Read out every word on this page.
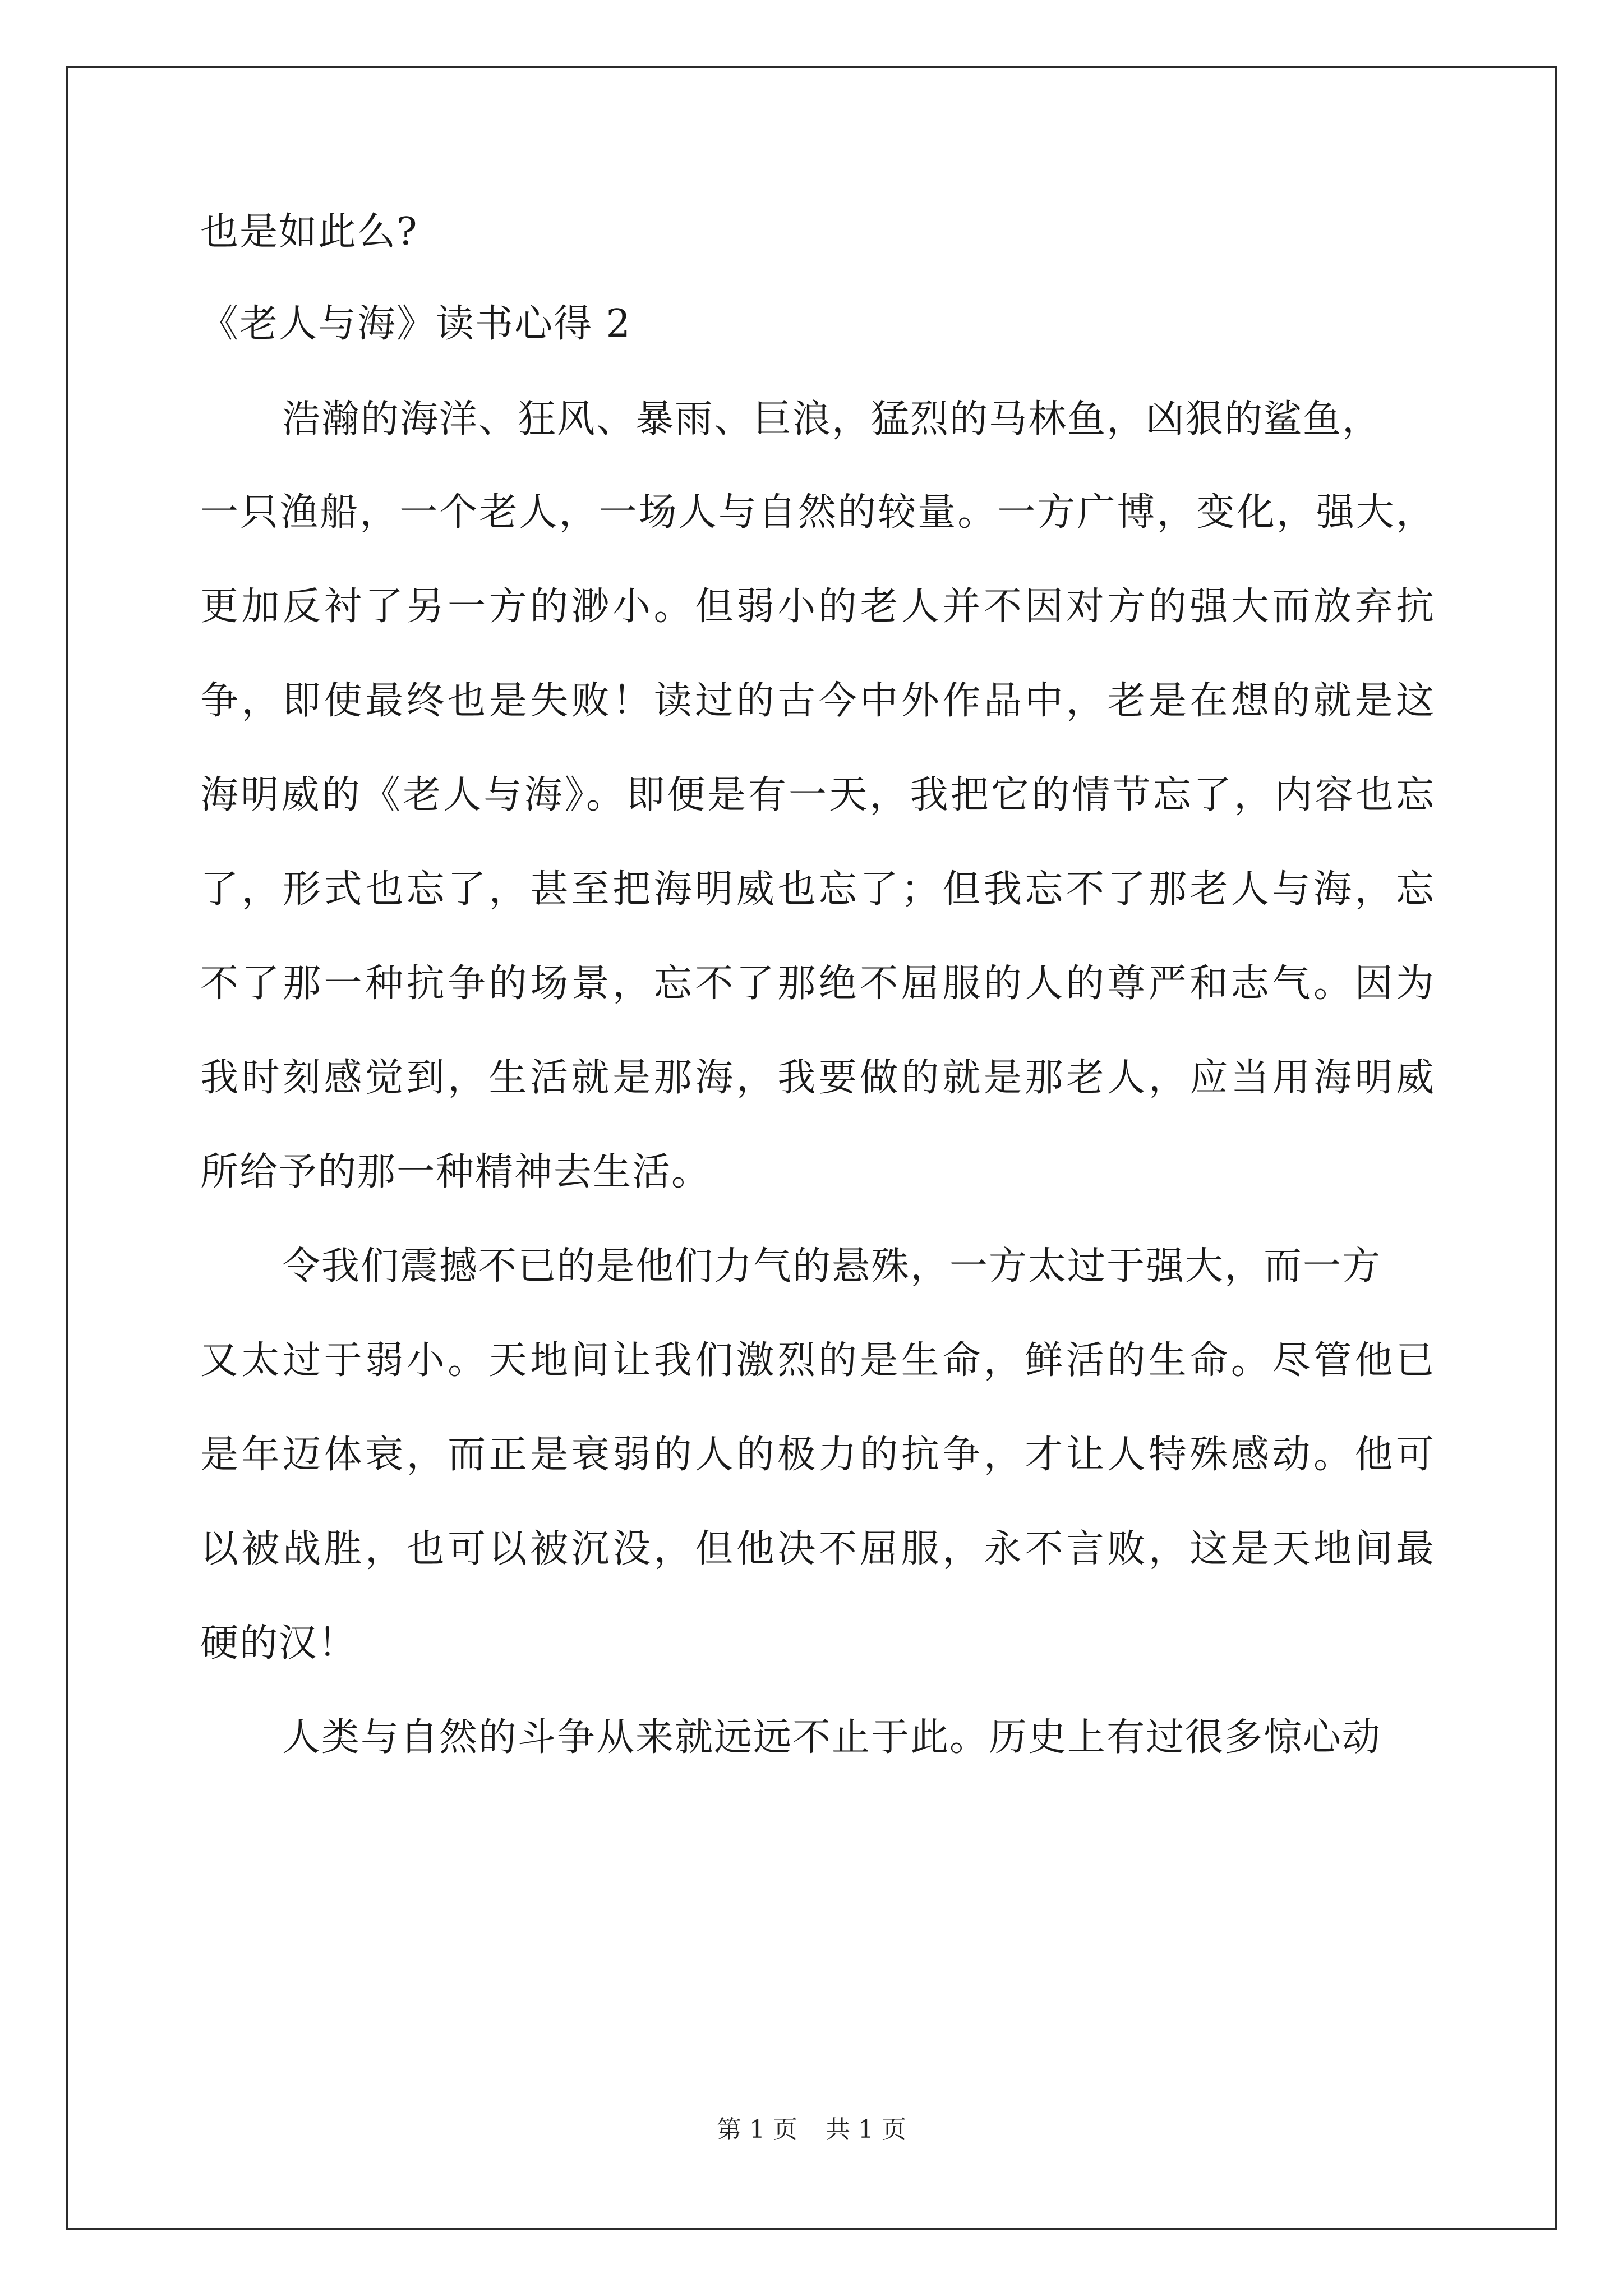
也是如此么?
《老人与海》读书心得 2
浩瀚的海洋、狂风、暴雨、巨浪，猛烈的马林鱼，凶狠的鲨鱼，
一只渔船，一个老人，一场人与自然的较量。一方广博，变化，强大，
更加反衬了另一方的渺小。但弱小的老人并不因对方的强大而放弃抗
争，即使最终也是失败！读过的古今中外作品中，老是在想的就是这
海明威的《老人与海》。即便是有一天，我把它的情节忘了，内容也忘
了，形式也忘了，甚至把海明威也忘了；但我忘不了那老人与海，忘
不了那一种抗争的场景，忘不了那绝不屈服的人的尊严和志气。因为
我时刻感觉到，生活就是那海，我要做的就是那老人，应当用海明威
所给予的那一种精神去生活。
令我们震撼不已的是他们力气的悬殊，一方太过于强大，而一方
又太过于弱小。天地间让我们激烈的是生命，鲜活的生命。尽管他已
是年迈体衰，而正是衰弱的人的极力的抗争，才让人特殊感动。他可
以被战胜，也可以被沉没，但他决不屈服，永不言败，这是天地间最
硬的汉！
人类与自然的斗争从来就远远不止于此。历史上有过很多惊心动
第 1 页 共 1 页
